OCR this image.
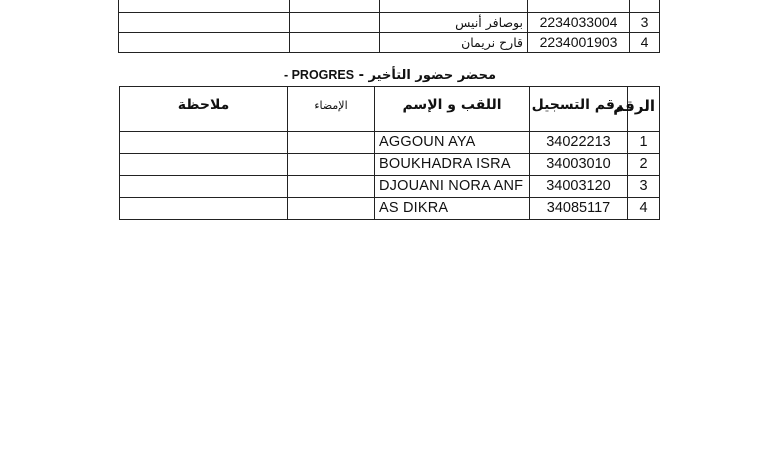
3	2234033004	بوصافر أنيس		
4	2234001903	قارح نريمان		
محضر حضور التأخير - PROGRES -
الرقم	رقم التسجيل	اللقب و الإسم	الإمضاء	ملاحظة
1	34022213	AGGOUN AYA		
2	34003010	BOUKHADRA ISRA		
3	34003120	DJOUANI NORA ANF		
4	34085117	AS DIKRA		
